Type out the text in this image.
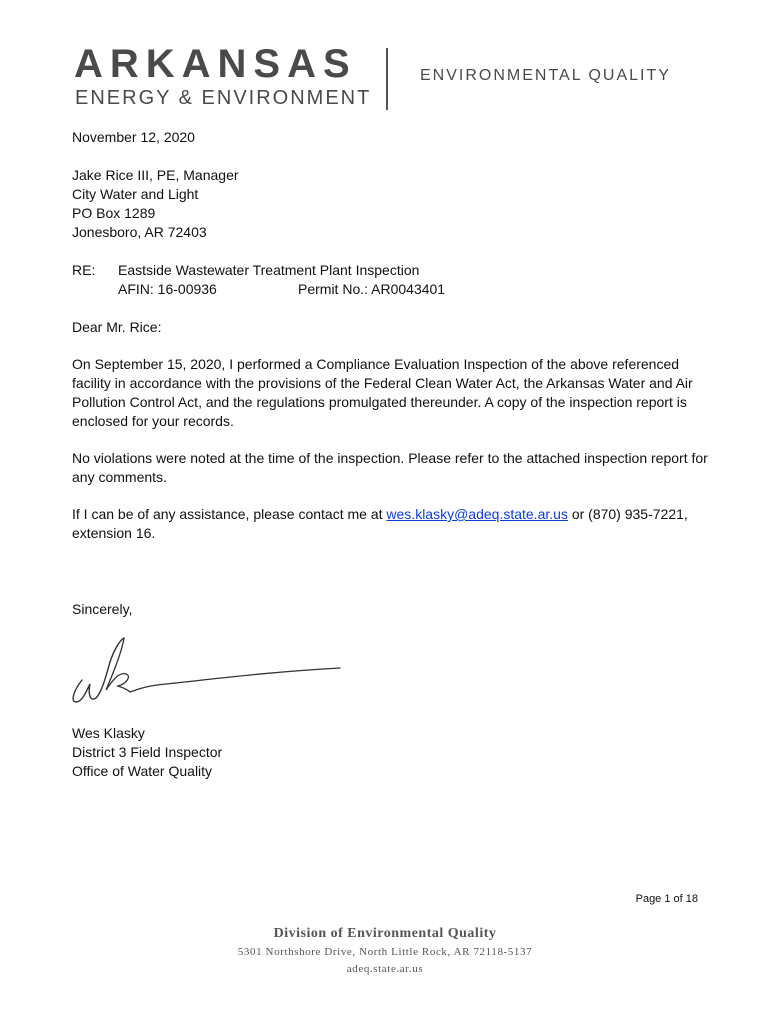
ARKANSAS
ENERGY & ENVIRONMENT
ENVIRONMENTAL QUALITY
November 12, 2020
Jake Rice III, PE, Manager
City Water and Light
PO Box 1289
Jonesboro, AR 72403
RE: Eastside Wastewater Treatment Plant Inspection
AFIN: 16-00936	Permit No.: AR0043401
Dear Mr. Rice:

On September 15, 2020, I performed a Compliance Evaluation Inspection of the above referenced facility in accordance with the provisions of the Federal Clean Water Act, the Arkansas Water and Air Pollution Control Act, and the regulations promulgated thereunder. A copy of the inspection report is enclosed for your records.

No violations were noted at the time of the inspection. Please refer to the attached inspection report for any comments.

If I can be of any assistance, please contact me at wes.klasky@adeq.state.ar.us or (870) 935-7221, extension 16.

Sincerely,
Wes Klasky
District 3 Field Inspector
Office of Water Quality
Page 1 of 18
Division of Environmental Quality
5301 Northshore Drive, North Little Rock, AR 72118-5137
adeq.state.ar.us
